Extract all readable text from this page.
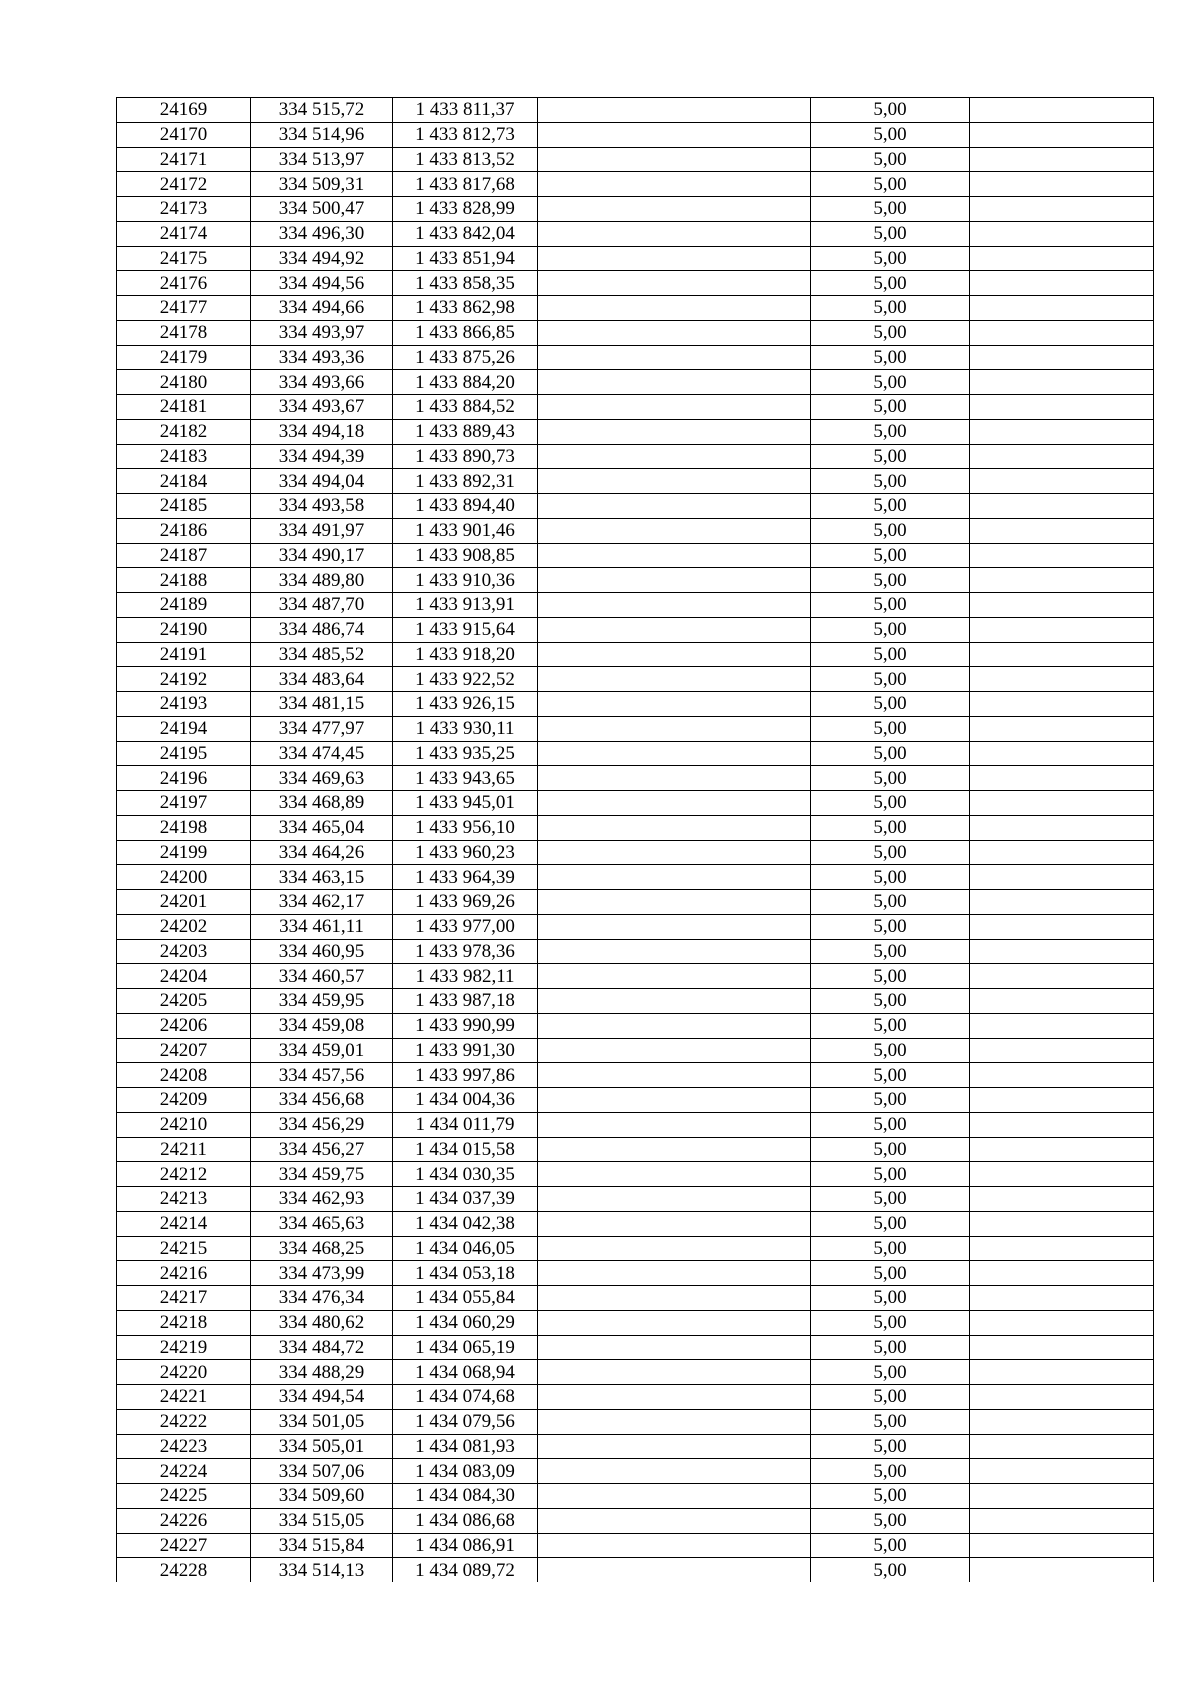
24169	334 515,72	1 433 811,37		5,00	
24170	334 514,96	1 433 812,73		5,00	
24171	334 513,97	1 433 813,52		5,00	
24172	334 509,31	1 433 817,68		5,00	
24173	334 500,47	1 433 828,99		5,00	
24174	334 496,30	1 433 842,04		5,00	
24175	334 494,92	1 433 851,94		5,00	
24176	334 494,56	1 433 858,35		5,00	
24177	334 494,66	1 433 862,98		5,00	
24178	334 493,97	1 433 866,85		5,00	
24179	334 493,36	1 433 875,26		5,00	
24180	334 493,66	1 433 884,20		5,00	
24181	334 493,67	1 433 884,52		5,00	
24182	334 494,18	1 433 889,43		5,00	
24183	334 494,39	1 433 890,73		5,00	
24184	334 494,04	1 433 892,31		5,00	
24185	334 493,58	1 433 894,40		5,00	
24186	334 491,97	1 433 901,46		5,00	
24187	334 490,17	1 433 908,85		5,00	
24188	334 489,80	1 433 910,36		5,00	
24189	334 487,70	1 433 913,91		5,00	
24190	334 486,74	1 433 915,64		5,00	
24191	334 485,52	1 433 918,20		5,00	
24192	334 483,64	1 433 922,52		5,00	
24193	334 481,15	1 433 926,15		5,00	
24194	334 477,97	1 433 930,11		5,00	
24195	334 474,45	1 433 935,25		5,00	
24196	334 469,63	1 433 943,65		5,00	
24197	334 468,89	1 433 945,01		5,00	
24198	334 465,04	1 433 956,10		5,00	
24199	334 464,26	1 433 960,23		5,00	
24200	334 463,15	1 433 964,39		5,00	
24201	334 462,17	1 433 969,26		5,00	
24202	334 461,11	1 433 977,00		5,00	
24203	334 460,95	1 433 978,36		5,00	
24204	334 460,57	1 433 982,11		5,00	
24205	334 459,95	1 433 987,18		5,00	
24206	334 459,08	1 433 990,99		5,00	
24207	334 459,01	1 433 991,30		5,00	
24208	334 457,56	1 433 997,86		5,00	
24209	334 456,68	1 434 004,36		5,00	
24210	334 456,29	1 434 011,79		5,00	
24211	334 456,27	1 434 015,58		5,00	
24212	334 459,75	1 434 030,35		5,00	
24213	334 462,93	1 434 037,39		5,00	
24214	334 465,63	1 434 042,38		5,00	
24215	334 468,25	1 434 046,05		5,00	
24216	334 473,99	1 434 053,18		5,00	
24217	334 476,34	1 434 055,84		5,00	
24218	334 480,62	1 434 060,29		5,00	
24219	334 484,72	1 434 065,19		5,00	
24220	334 488,29	1 434 068,94		5,00	
24221	334 494,54	1 434 074,68		5,00	
24222	334 501,05	1 434 079,56		5,00	
24223	334 505,01	1 434 081,93		5,00	
24224	334 507,06	1 434 083,09		5,00	
24225	334 509,60	1 434 084,30		5,00	
24226	334 515,05	1 434 086,68		5,00	
24227	334 515,84	1 434 086,91		5,00	
24228	334 514,13	1 434 089,72		5,00	
